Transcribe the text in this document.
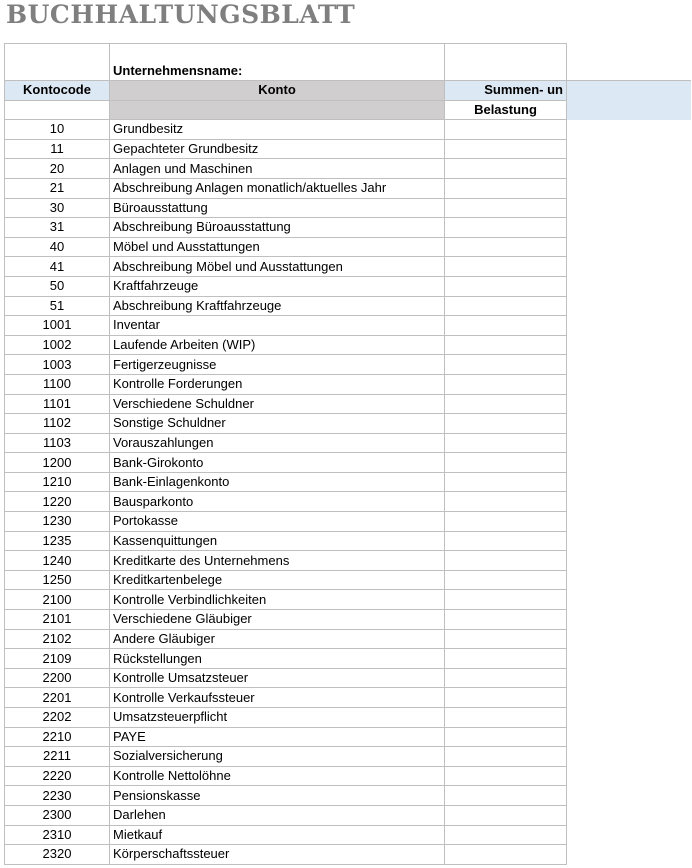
BUCHHALTUNGSBLATT
	Unternehmensname:		
Kontocode	Konto	Summen- un	
		Belastung	
10	Grundbesitz		
11	Gepachteter Grundbesitz		
20	Anlagen und Maschinen		
21	Abschreibung Anlagen monatlich/aktuelles Jahr		
30	Büroausstattung		
31	Abschreibung Büroausstattung		
40	Möbel und Ausstattungen		
41	Abschreibung Möbel und Ausstattungen		
50	Kraftfahrzeuge		
51	Abschreibung Kraftfahrzeuge		
1001	Inventar		
1002	Laufende Arbeiten (WIP)		
1003	Fertigerzeugnisse		
1100	Kontrolle Forderungen		
1101	Verschiedene Schuldner		
1102	Sonstige Schuldner		
1103	Vorauszahlungen		
1200	Bank-Girokonto		
1210	Bank-Einlagenkonto		
1220	Bausparkonto		
1230	Portokasse		
1235	Kassenquittungen		
1240	Kreditkarte des Unternehmens		
1250	Kreditkartenbelege		
2100	Kontrolle Verbindlichkeiten		
2101	Verschiedene Gläubiger		
2102	Andere Gläubiger		
2109	Rückstellungen		
2200	Kontrolle Umsatzsteuer		
2201	Kontrolle Verkaufssteuer		
2202	Umsatzsteuerpflicht		
2210	PAYE		
2211	Sozialversicherung		
2220	Kontrolle Nettolöhne		
2230	Pensionskasse		
2300	Darlehen		
2310	Mietkauf		
2320	Körperschaftssteuer		
